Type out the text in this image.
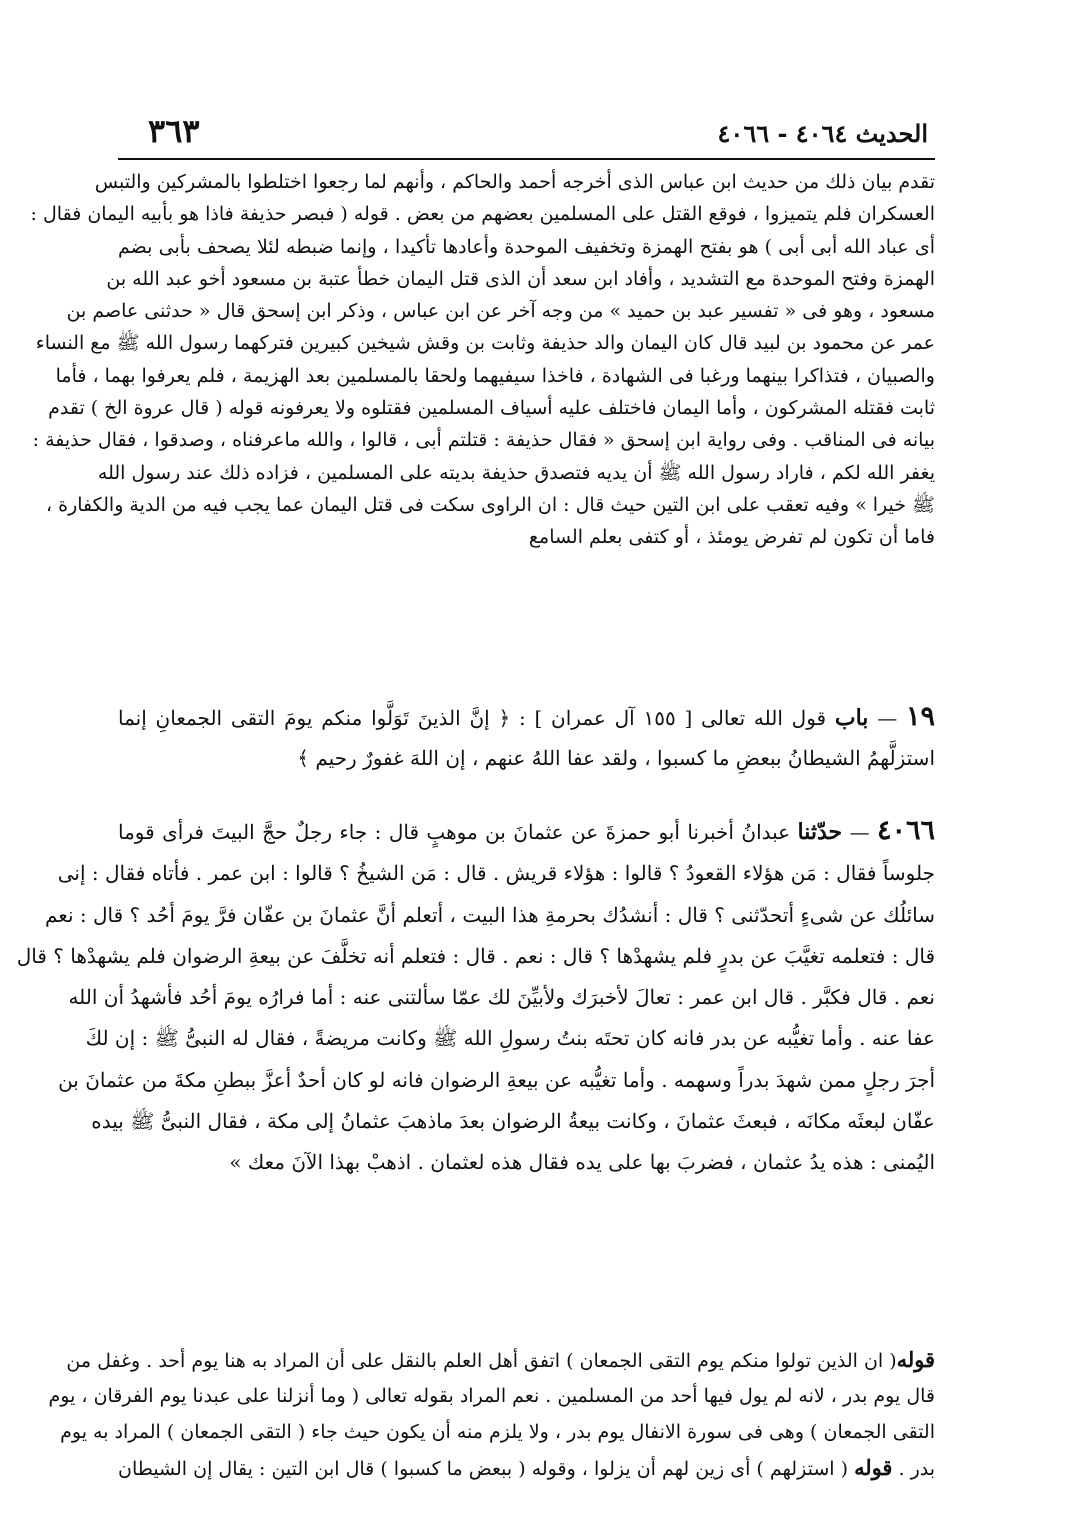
الحديث ٤٠٦٤ - ٤٠٦٦
٣٦٣

تقدم بيان ذلك من حديث ابن عباس الذى أخرجه أحمد والحاكم ، وأنهم لما رجعوا اختلطوا بالمشركين والتبس

العسكران فلم يتميزوا ، فوقع القتل على المسلمين بعضهم من بعض . قوله ( فبصر حذيفة فاذا هو بأبيه اليمان فقال :

أى عباد الله أبى أبى ) هو بفتح الهمزة وتخفيف الموحدة وأعادها تأكيدا ، وإنما ضبطه لئلا يصحف بأبى بضم

الهمزة وفتح الموحدة مع التشديد ، وأفاد ابن سعد أن الذى قتل اليمان خطأ عتبة بن مسعود أخو عبد الله بن

مسعود ، وهو فى « تفسير عبد بن حميد » من وجه آخر عن ابن عباس ، وذكر ابن إسحق قال « حدثنى عاصم بن

عمر عن محمود بن لبيد قال كان اليمان والد حذيفة وثابت بن وقش شيخين كبيرين فتركهما رسول الله ﷺ مع النساء

والصبيان ، فتذاكرا بينهما ورغبا فى الشهادة ، فاخذا سيفيهما ولحقا بالمسلمين بعد الهزيمة ، فلم يعرفوا بهما ، فأما

ثابت فقتله المشركون ، وأما اليمان فاختلف عليه أسياف المسلمين فقتلوه ولا يعرفونه قوله ( قال عروة الخ ) تقدم

بيانه فى المناقب . وفى رواية ابن إسحق « فقال حذيفة : قتلتم أبى ، قالوا ، والله ماعرفناه ، وصدقوا ، فقال حذيفة :

يغفر الله لكم ، فاراد رسول الله ﷺ أن يديه فتصدق حذيفة بديته على المسلمين ، فزاده ذلك عند رسول الله

ﷺ خيرا » وفيه تعقب على ابن التين حيث قال : ان الراوى سكت فى قتل اليمان عما يجب فيه من الدية والكفارة ،

فاما أن تكون لم تفرض يومئذ ، أو كتفى بعلم السامع

١٩ — باب قول الله تعالى [ ١٥٥ آل عمران ] : ﴿ إنَّ الذينَ تَوَلَّوا منكم يومَ التقى الجمعانِ إنما

استزلَّهمُ الشيطانُ ببعضِ ما كسبوا ، ولقد عفا اللهُ عنهم ، إن اللهَ غفورٌ رحيم ﴾

٤٠٦٦ — حدّثنا عبدانُ أخبرنا أبو حمزةَ عن عثمانَ بن موهبٍ قال : جاء رجلٌ حجَّ البيتَ فرأى قوما

جلوساً فقال : مَن هؤلاء القعودُ ؟ قالوا : هؤلاء قريش . قال : مَن الشيخُ ؟ قالوا : ابن عمر . فأتاه فقال : إنى

سائلُك عن شىءٍ أتحدّثنى ؟ قال : أنشدُك بحرمةِ هذا البيت ، أتعلم أنَّ عثمانَ بن عفّان فرَّ يومَ أحُد ؟ قال : نعم

قال : فتعلمه تغيَّبَ عن بدرٍ فلم يشهدْها ؟ قال : نعم . قال : فتعلم أنه تخلَّفَ عن بيعةِ الرضوان فلم يشهدْها ؟ قال

نعم . قال فكبَّر . قال ابن عمر : تعالَ لأخبرَك ولأبيِّنَ لك عمّا سألتنى عنه : أما فرارُه يومَ أحُد فأشهدُ أن الله

عفا عنه . وأما تغيُّبه عن بدر فانه كان تحتَه بنتُ رسولِ الله ﷺ وكانت مريضةً ، فقال له النبىُّ ﷺ : إن لكَ

أجرَ رجلٍ ممن شهدَ بدراً وسهمه . وأما تغيُّبه عن بيعةِ الرضوان فانه لو كان أحدٌ أعزَّ ببطنِ مكةَ من عثمانَ بن

عفّان لبعثَه مكانَه ، فبعثَ عثمانَ ، وكانت بيعةُ الرضوان بعدَ ماذهبَ عثمانُ إلى مكة ، فقال النبىُّ ﷺ بيده

اليُمنى : هذه يدُ عثمان ، فضربَ بها على يده فقال هذه لعثمان . اذهبْ بهذا الآنَ معك »

قوله( ان الذين تولوا منكم يوم التقى الجمعان ) اتفق أهل العلم بالنقل على أن المراد به هنا يوم أحد . وغفل من

قال يوم بدر ، لانه لم يول فيها أحد من المسلمين . نعم المراد بقوله تعالى ( وما أنزلنا على عبدنا يوم الفرقان ، يوم

التقى الجمعان ) وهى فى سورة الانفال يوم بدر ، ولا يلزم منه أن يكون حيث جاء ( التقى الجمعان ) المراد به يوم

بدر . قوله ( استزلهم ) أى زين لهم أن يزلوا ، وقوله ( ببعض ما كسبوا ) قال ابن التين : يقال إن الشيطان
